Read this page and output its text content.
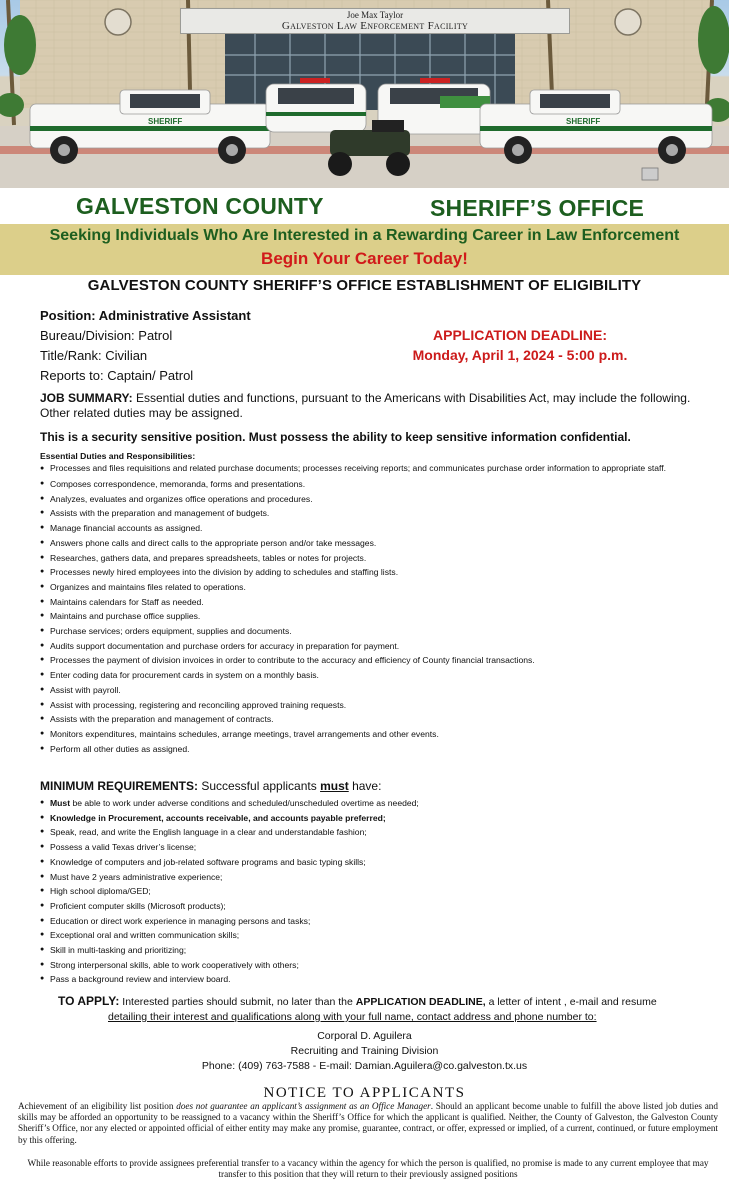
SHERIFF	SHERIFF
Joe Max Taylor
Galveston Law Enforcement Facility
GALVESTON COUNTY	SHERIFF’S OFFICE
Seeking Individuals Who Are Interested in a Rewarding Career in Law Enforcement
Begin Your Career Today!
GALVESTON COUNTY SHERIFF’S OFFICE ESTABLISHMENT OF ELIGIBILITY
Position: Administrative Assistant
Bureau/Division: Patrol
Title/Rank: Civilian
Reports to: Captain/ Patrol
APPLICATION DEADLINE:
Monday, April 1, 2024 - 5:00 p.m.
JOB SUMMARY: Essential duties and functions, pursuant to the Americans with Disabilities Act, may include the following. Other related duties may be assigned.
This is a security sensitive position. Must possess the ability to keep sensitive information confidential.
Essential Duties and Responsibilities:
● Processes and files requisitions and related purchase documents; processes receiving reports; and communicates purchase order information to appropriate staff.
● Composes correspondence, memoranda, forms and presentations.
● Analyzes, evaluates and organizes office operations and procedures.
● Assists with the preparation and management of budgets.
● Manage financial accounts as assigned.
● Answers phone calls and direct calls to the appropriate person and/or take messages.
● Researches, gathers data, and prepares spreadsheets, tables or notes for projects.
● Processes newly hired employees into the division by adding to schedules and staffing lists.
● Organizes and maintains files related to operations.
● Maintains calendars for Staff as needed.
● Maintains and purchase office supplies.
● Purchase services; orders equipment, supplies and documents.
● Audits support documentation and purchase orders for accuracy in preparation for payment.
● Processes the payment of division invoices in order to contribute to the accuracy and efficiency of County financial transactions.
● Enter coding data for procurement cards in system on a monthly basis.
● Assist with payroll.
● Assist with processing, registering and reconciling approved training requests.
● Assists with the preparation and management of contracts.
● Monitors expenditures, maintains schedules, arrange meetings, travel arrangements and other events.
● Perform all other duties as assigned.
MINIMUM REQUIREMENTS: Successful applicants must have:
● Must be able to work under adverse conditions and scheduled/unscheduled overtime as needed;
● Knowledge in Procurement, accounts receivable, and accounts payable preferred;
● Speak, read, and write the English language in a clear and understandable fashion;
● Possess a valid Texas driver’s license;
● Knowledge of computers and job-related software programs and basic typing skills;
● Must have 2 years administrative experience;
● High school diploma/GED;
● Proficient computer skills (Microsoft products);
● Education or direct work experience in managing persons and tasks;
● Exceptional oral and written communication skills;
● Skill in multi-tasking and prioritizing;
● Strong interpersonal skills, able to work cooperatively with others;
● Pass a background review and interview board.
TO APPLY: Interested parties should submit, no later than the APPLICATION DEADLINE, a letter of intent , e-mail and resume
detailing their interest and qualifications along with your full name, contact address and phone number to:
Corporal D. Aguilera
Recruiting and Training Division
Phone: (409) 763-7588 - E-mail: Damian.Aguilera@co.galveston.tx.us
NOTICE TO APPLICANTS
Achievement of an eligibility list position does not guarantee an applicant’s assignment as an Office Manager. Should an applicant become unable to fulfill the above listed job duties and skills may be afforded an opportunity to be reassigned to a vacancy within the Sheriff’s Office for which the applicant is qualified. Neither, the County of Galveston, the Galveston County Sheriff’s Office, nor any elected or appointed official of either entity may make any promise, guarantee, contract, or offer, expressed or implied, of a current, continued, or future employment by this offering.
While reasonable efforts to provide assignees preferential transfer to a vacancy within the agency for which the person is qualified, no promise is made to any current employee that may transfer to this position that they will return to their previously assigned positions
